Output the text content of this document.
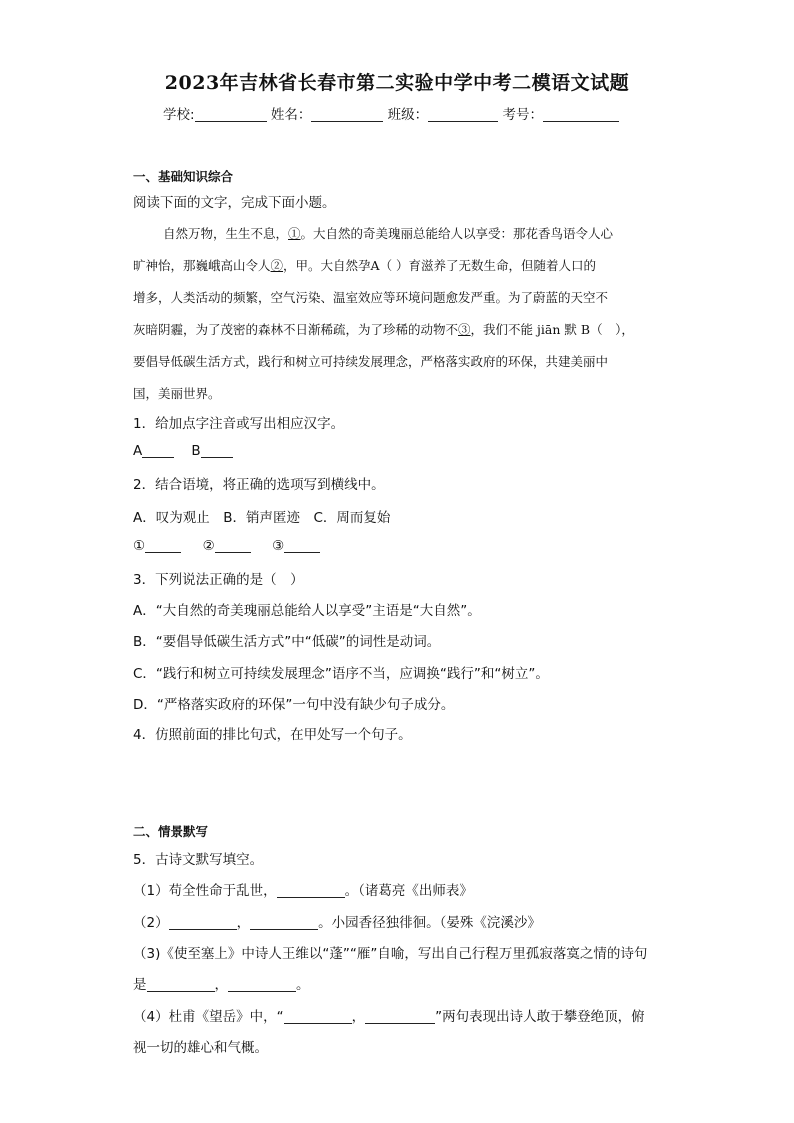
2023年吉林省长春市第二实验中学中考二模语文试题
学校:	姓名：	班级：	考号：
一、基础知识综合
阅读下面的文字，完成下面小题。
自然万物，生生不息，①。大自然的奇美瑰丽总能给人以享受：那花香鸟语令人心
旷神怡，那巍峨高山令人②，甲。大自然孕A（ ）育滋养了无数生命，但随着人口的
增多，人类活动的频繁，空气污染、温室效应等环境问题愈发严重。为了蔚蓝的天空不
灰暗阴霾，为了茂密的森林不日渐稀疏，为了珍稀的动物不③，我们不能 jiān 默 B（　），
要倡导低碳生活方式，践行和树立可持续发展理念，严格落实政府的环保，共建美丽中
国，美丽世界。
1．给加点字注音或写出相应汉字。
A	B
2．结合语境，将正确的选项写到横线中。
A．叹为观止　B．销声匿迹　C．周而复始
①	②	③
3．下列说法正确的是（　）
A．“大自然的奇美瑰丽总能给人以享受”主语是“大自然”。
B．“要倡导低碳生活方式”中“低碳”的词性是动词。
C．“践行和树立可持续发展理念”语序不当，应调换“践行”和“树立”。
D．“严格落实政府的环保”一句中没有缺少句子成分。
4．仿照前面的排比句式，在甲处写一个句子。
二、情景默写
5．古诗文默写填空。
（1）苟全性命于乱世，	。（诸葛亮《出师表》
（2）	，	。小园香径独徘徊。（晏殊《浣溪沙》
（3)《使至塞上》中诗人王维以“蓬”“雁”自喻，写出自己行程万里孤寂落寞之情的诗句
是	，	。
（4）杜甫《望岳》中，“	，	”两句表现出诗人敢于攀登绝顶，俯
视一切的雄心和气概。
